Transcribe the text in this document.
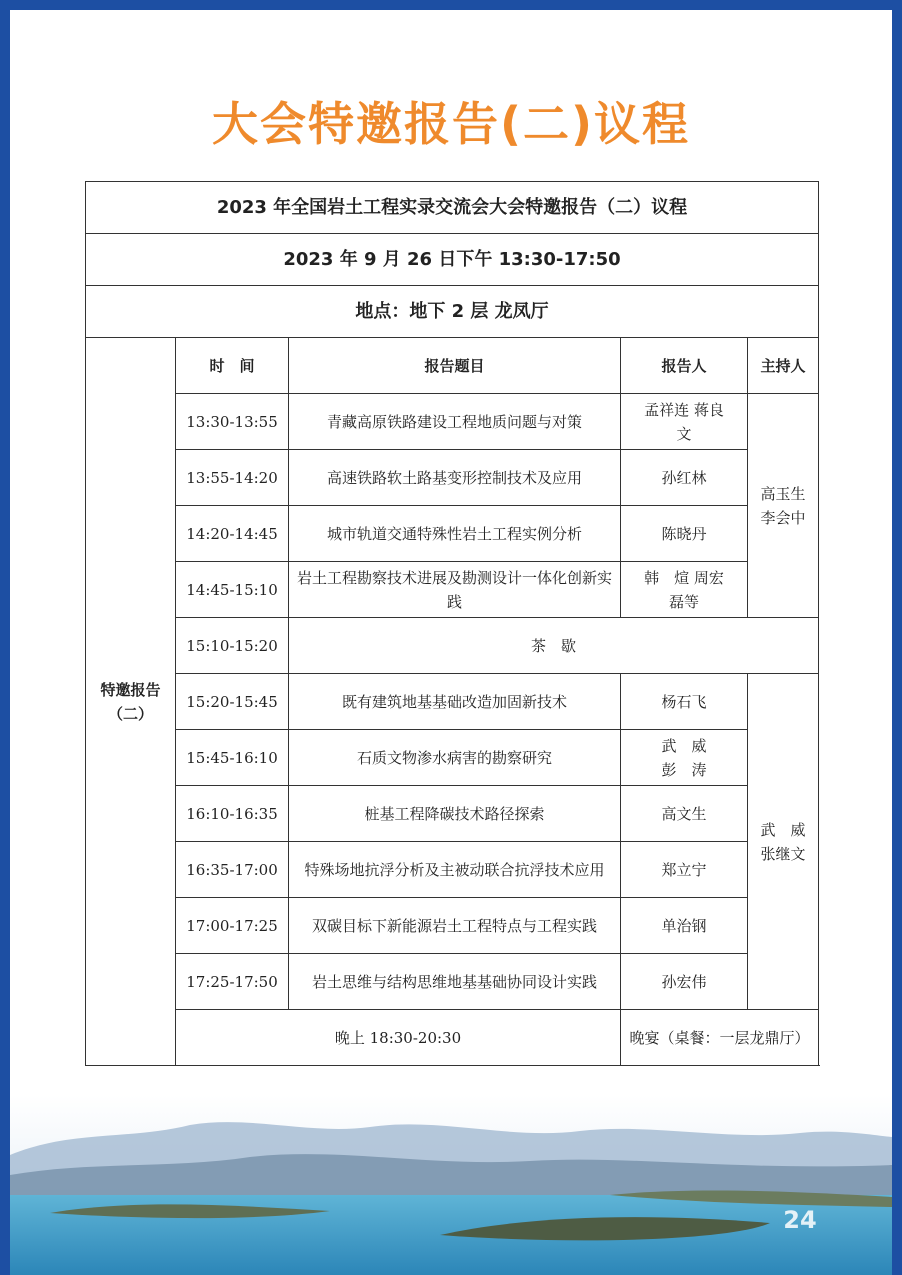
大会特邀报告(二)议程
2023 年全国岩土工程实录交流会大会特邀报告（二）议程				
2023 年 9 月 26 日下午 13:30-17:50				
地点：地下 2 层 龙凤厅				
特邀报告（二）	时　间	报告题目	报告人	主持人
	13:30-13:55	青藏高原铁路建设工程地质问题与对策	孟祥连 蒋良文	高玉生 李会中
	13:55-14:20	高速铁路软土路基变形控制技术及应用	孙红林	
	14:20-14:45	城市轨道交通特殊性岩土工程实例分析	陈晓丹	
	14:45-15:10	岩土工程勘察技术进展及勘测设计一体化创新实践	韩　煊 周宏磊等	
	15:10-15:20	茶　歇		
	15:20-15:45	既有建筑地基基础改造加固新技术	杨石飞	武　威 张继文
	15:45-16:10	石质文物渗水病害的勘察研究	武　威 彭　涛	
	16:10-16:35	桩基工程降碳技术路径探索	高文生	
	16:35-17:00	特殊场地抗浮分析及主被动联合抗浮技术应用	郑立宁	
	17:00-17:25	双碳目标下新能源岩土工程特点与工程实践	单治钢	
	17:25-17:50	岩土思维与结构思维地基基础协同设计实践	孙宏伟	
	晚上 18:30-20:30		晚宴（桌餐：一层龙鼎厅）	
24
